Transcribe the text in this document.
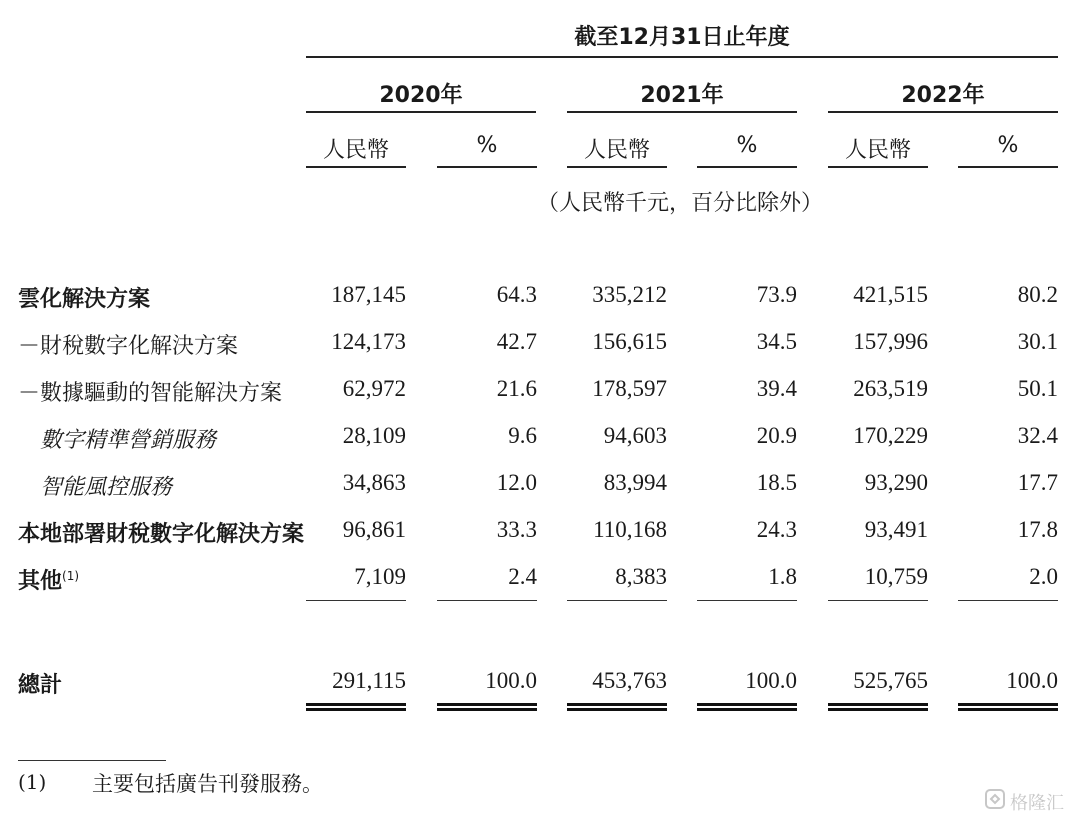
截至12月31日止年度
2020年	2021年	2022年
人民幣	%	人民幣	%	人民幣	%
（人民幣千元，百分比除外）
雲化解決方案	187,145	64.3	335,212	73.9	421,515	80.2
－財稅數字化解決方案	124,173	42.7	156,615	34.5	157,996	30.1
－數據驅動的智能解決方案	62,972	21.6	178,597	39.4	263,519	50.1
數字精準營銷服務	28,109	9.6	94,603	20.9	170,229	32.4
智能風控服務	34,863	12.0	83,994	18.5	93,290	17.7
本地部署財稅數字化解決方案	96,861	33.3	110,168	24.3	93,491	17.8
其他$^{(1)}$	7,109	2.4	8,383	1.8	10,759	2.0
總計	291,115	100.0	453,763	100.0	525,765	100.0
(1) 主要包括廣告刊發服務。
格隆汇
